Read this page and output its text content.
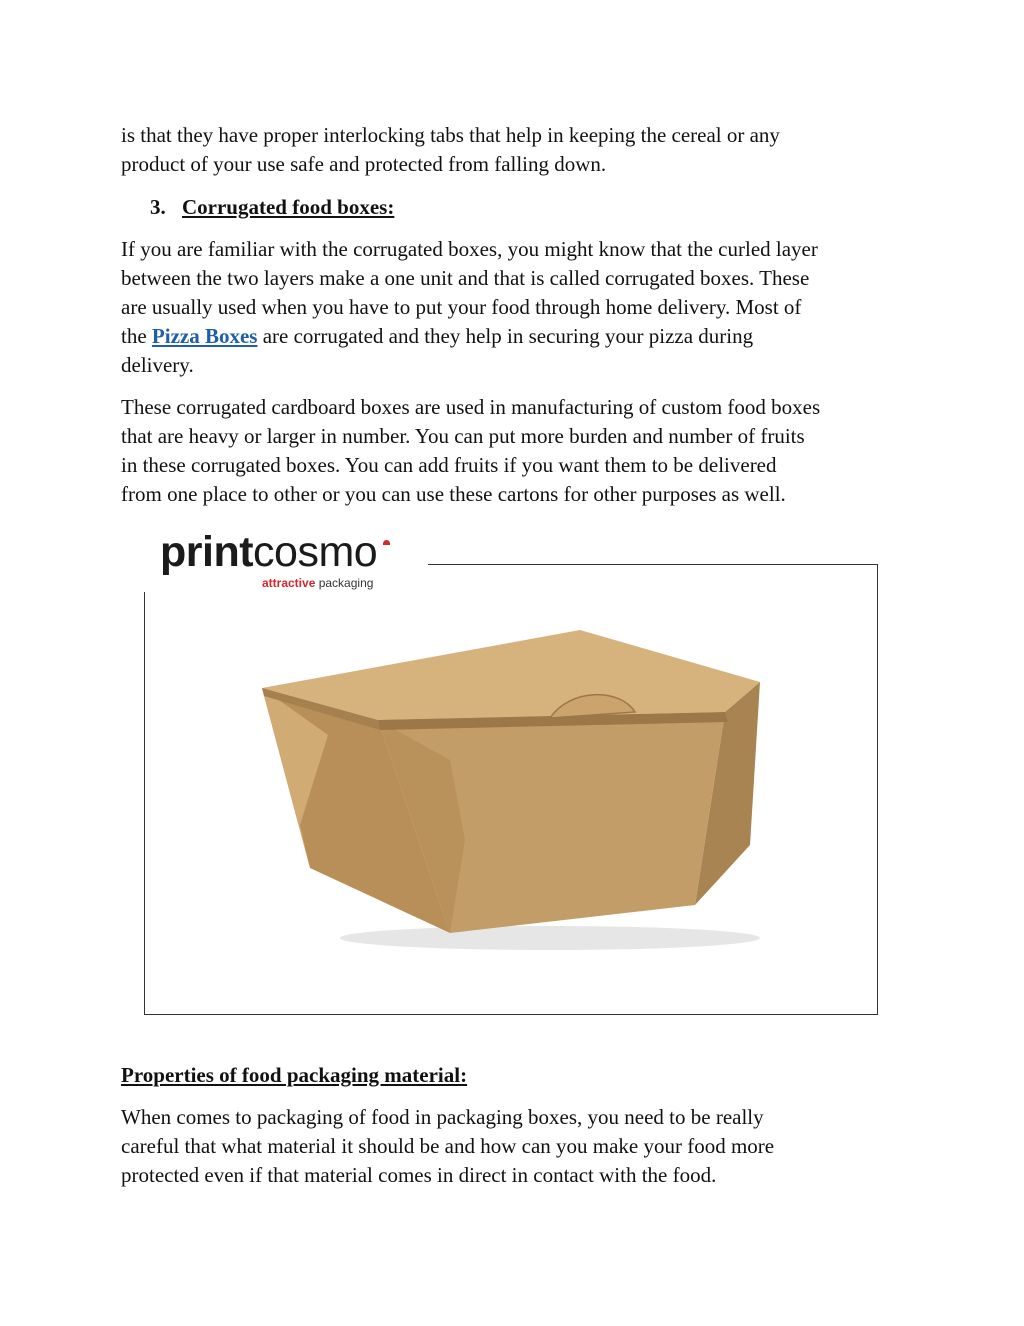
is that they have proper interlocking tabs that help in keeping the cereal or any

product of your use safe and protected from falling down.

3. Corrugated food boxes:

If you are familiar with the corrugated boxes, you might know that the curled layer

between the two layers make a one unit and that is called corrugated boxes. These

are usually used when you have to put your food through home delivery. Most of

the Pizza Boxes are corrugated and they help in securing your pizza during

delivery.

These corrugated cardboard boxes are used in manufacturing of custom food boxes

that are heavy or larger in number. You can put more burden and number of fruits

in these corrugated boxes. You can add fruits if you want them to be delivered

from one place to other or you can use these cartons for other purposes as well.

printcosmo
attractive packaging
Properties of food packaging material:

When comes to packaging of food in packaging boxes, you need to be really

careful that what material it should be and how can you make your food more

protected even if that material comes in direct in contact with the food.
